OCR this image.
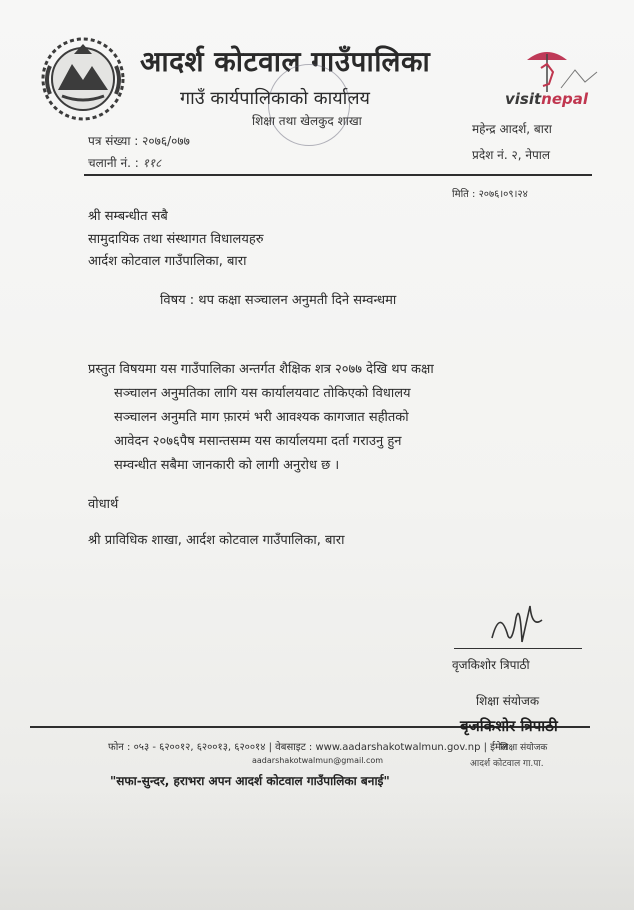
visitnepal
आदर्श कोटवाल गाउँपालिका
गाउँ कार्यपालिकाको कार्यालय
शिक्षा तथा खेलकुद शाखा
महेन्द्र आदर्श, बारा
प्रदेश नं. २, नेपाल
पत्र संख्या : २०७६/०७७
चलानी नं. : ११८
मिति : २०७६।०९।२४
श्री सम्बन्धीत सबै
सामुदायिक तथा संस्थागत विधालयहरु
आर्दश कोटवाल गाउँपालिका, बारा
विषय : थप कक्षा सञ्चालन अनुमती दिने सम्वन्धमा
प्रस्तुत विषयमा यस गाउँपालिका अन्तर्गत शैक्षिक शत्र २०७७ देखि थप कक्षा
सञ्चालन अनुमतिका लागि यस कार्यालयवाट तोकिएको विधालय
सञ्चालन अनुमति माग फ़ारमं भरी आवश्यक कागजात सहीतको
आवेदन २०७६पैष मसान्तसम्म यस कार्यालयमा दर्ता गराउनु हुन
सम्वन्धीत सबैमा जानकारी को लागी अनुरोध छ ।
वोधार्थ
श्री प्राविधिक शाखा, आर्दश कोटवाल गाउँपालिका, बारा
वृजकिशोर त्रिपाठी
शिक्षा संयोजक
फोन : ०५३ - ६२००१२, ६२००१३, ६२००१४ | वेबसाइट : www.aadarshakotwalmun.gov.np | ईमेल
aadarshakotwalmun@gmail.com
बृजकिशोर त्रिपाठी
शिक्षा संयोजक
आदर्श कोटवाल गा.पा.
"सफा-सुन्दर, हराभरा अपन आदर्श कोटवाल गाउँपालिका बनाई"
